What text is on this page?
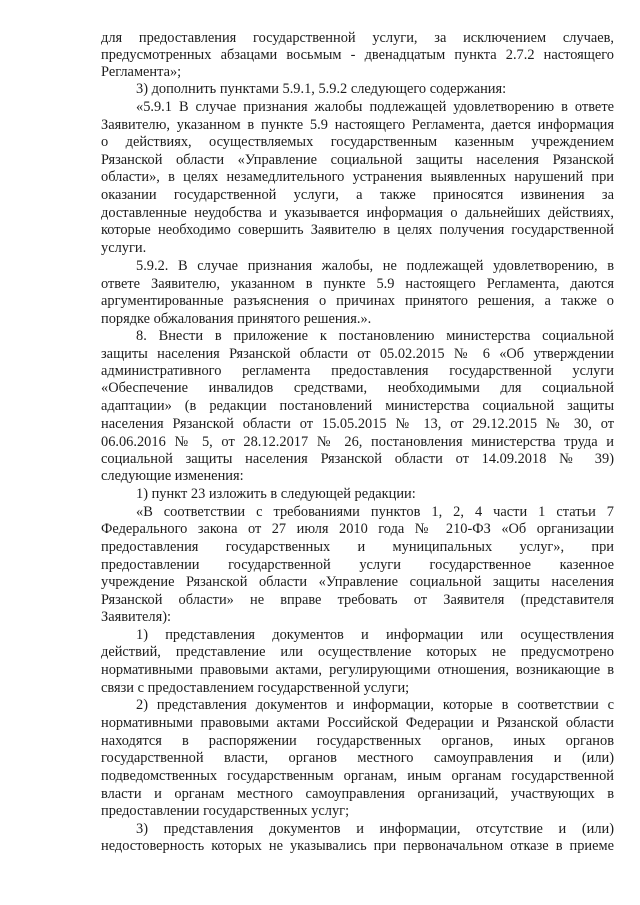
для предоставления государственной услуги, за исключением случаев,
предусмотренных абзацами восьмым - двенадцатым пункта 2.7.2 настоящего
Регламента»;
3) дополнить пунктами 5.9.1, 5.9.2 следующего содержания:
«5.9.1 В случае признания жалобы подлежащей удовлетворению в ответе
Заявителю, указанном в пункте 5.9 настоящего Регламента, дается информация
о действиях, осуществляемых государственным казенным учреждением
Рязанской области «Управление социальной защиты населения Рязанской
области», в целях незамедлительного устранения выявленных нарушений при
оказании государственной услуги, а также приносятся извинения за
доставленные неудобства и указывается информация о дальнейших действиях,
которые необходимо совершить Заявителю в целях получения государственной
услуги.
5.9.2. В случае признания жалобы, не подлежащей удовлетворению, в
ответе Заявителю, указанном в пункте 5.9 настоящего Регламента, даются
аргументированные разъяснения о причинах принятого решения, а также о
порядке обжалования принятого решения.».
8. Внести в приложение к постановлению министерства социальной
защиты населения Рязанской области от 05.02.2015 № 6 «Об утверждении
административного регламента предоставления государственной услуги
«Обеспечение инвалидов средствами, необходимыми для социальной
адаптации» (в редакции постановлений министерства социальной защиты
населения Рязанской области от 15.05.2015 № 13, от 29.12.2015 № 30, от
06.06.2016 № 5, от 28.12.2017 № 26, постановления министерства труда и
социальной защиты населения Рязанской области от 14.09.2018 № 39)
следующие изменения:
1) пункт 23 изложить в следующей редакции:
«В соответствии с требованиями пунктов 1, 2, 4 части 1 статьи 7
Федерального закона от 27 июля 2010 года № 210-ФЗ «Об организации
предоставления государственных и муниципальных услуг», при
предоставлении государственной услуги государственное казенное
учреждение Рязанской области «Управление социальной защиты населения
Рязанской области» не вправе требовать от Заявителя (представителя
Заявителя):
1) представления документов и информации или осуществления
действий, представление или осуществление которых не предусмотрено
нормативными правовыми актами, регулирующими отношения, возникающие в
связи с предоставлением государственной услуги;
2) представления документов и информации, которые в соответствии с
нормативными правовыми актами Российской Федерации и Рязанской области
находятся в распоряжении государственных органов, иных органов
государственной власти, органов местного самоуправления и (или)
подведомственных государственным органам, иным органам государственной
власти и органам местного самоуправления организаций, участвующих в
предоставлении государственных услуг;
3) представления документов и информации, отсутствие и (или)
недостоверность которых не указывались при первоначальном отказе в приеме
